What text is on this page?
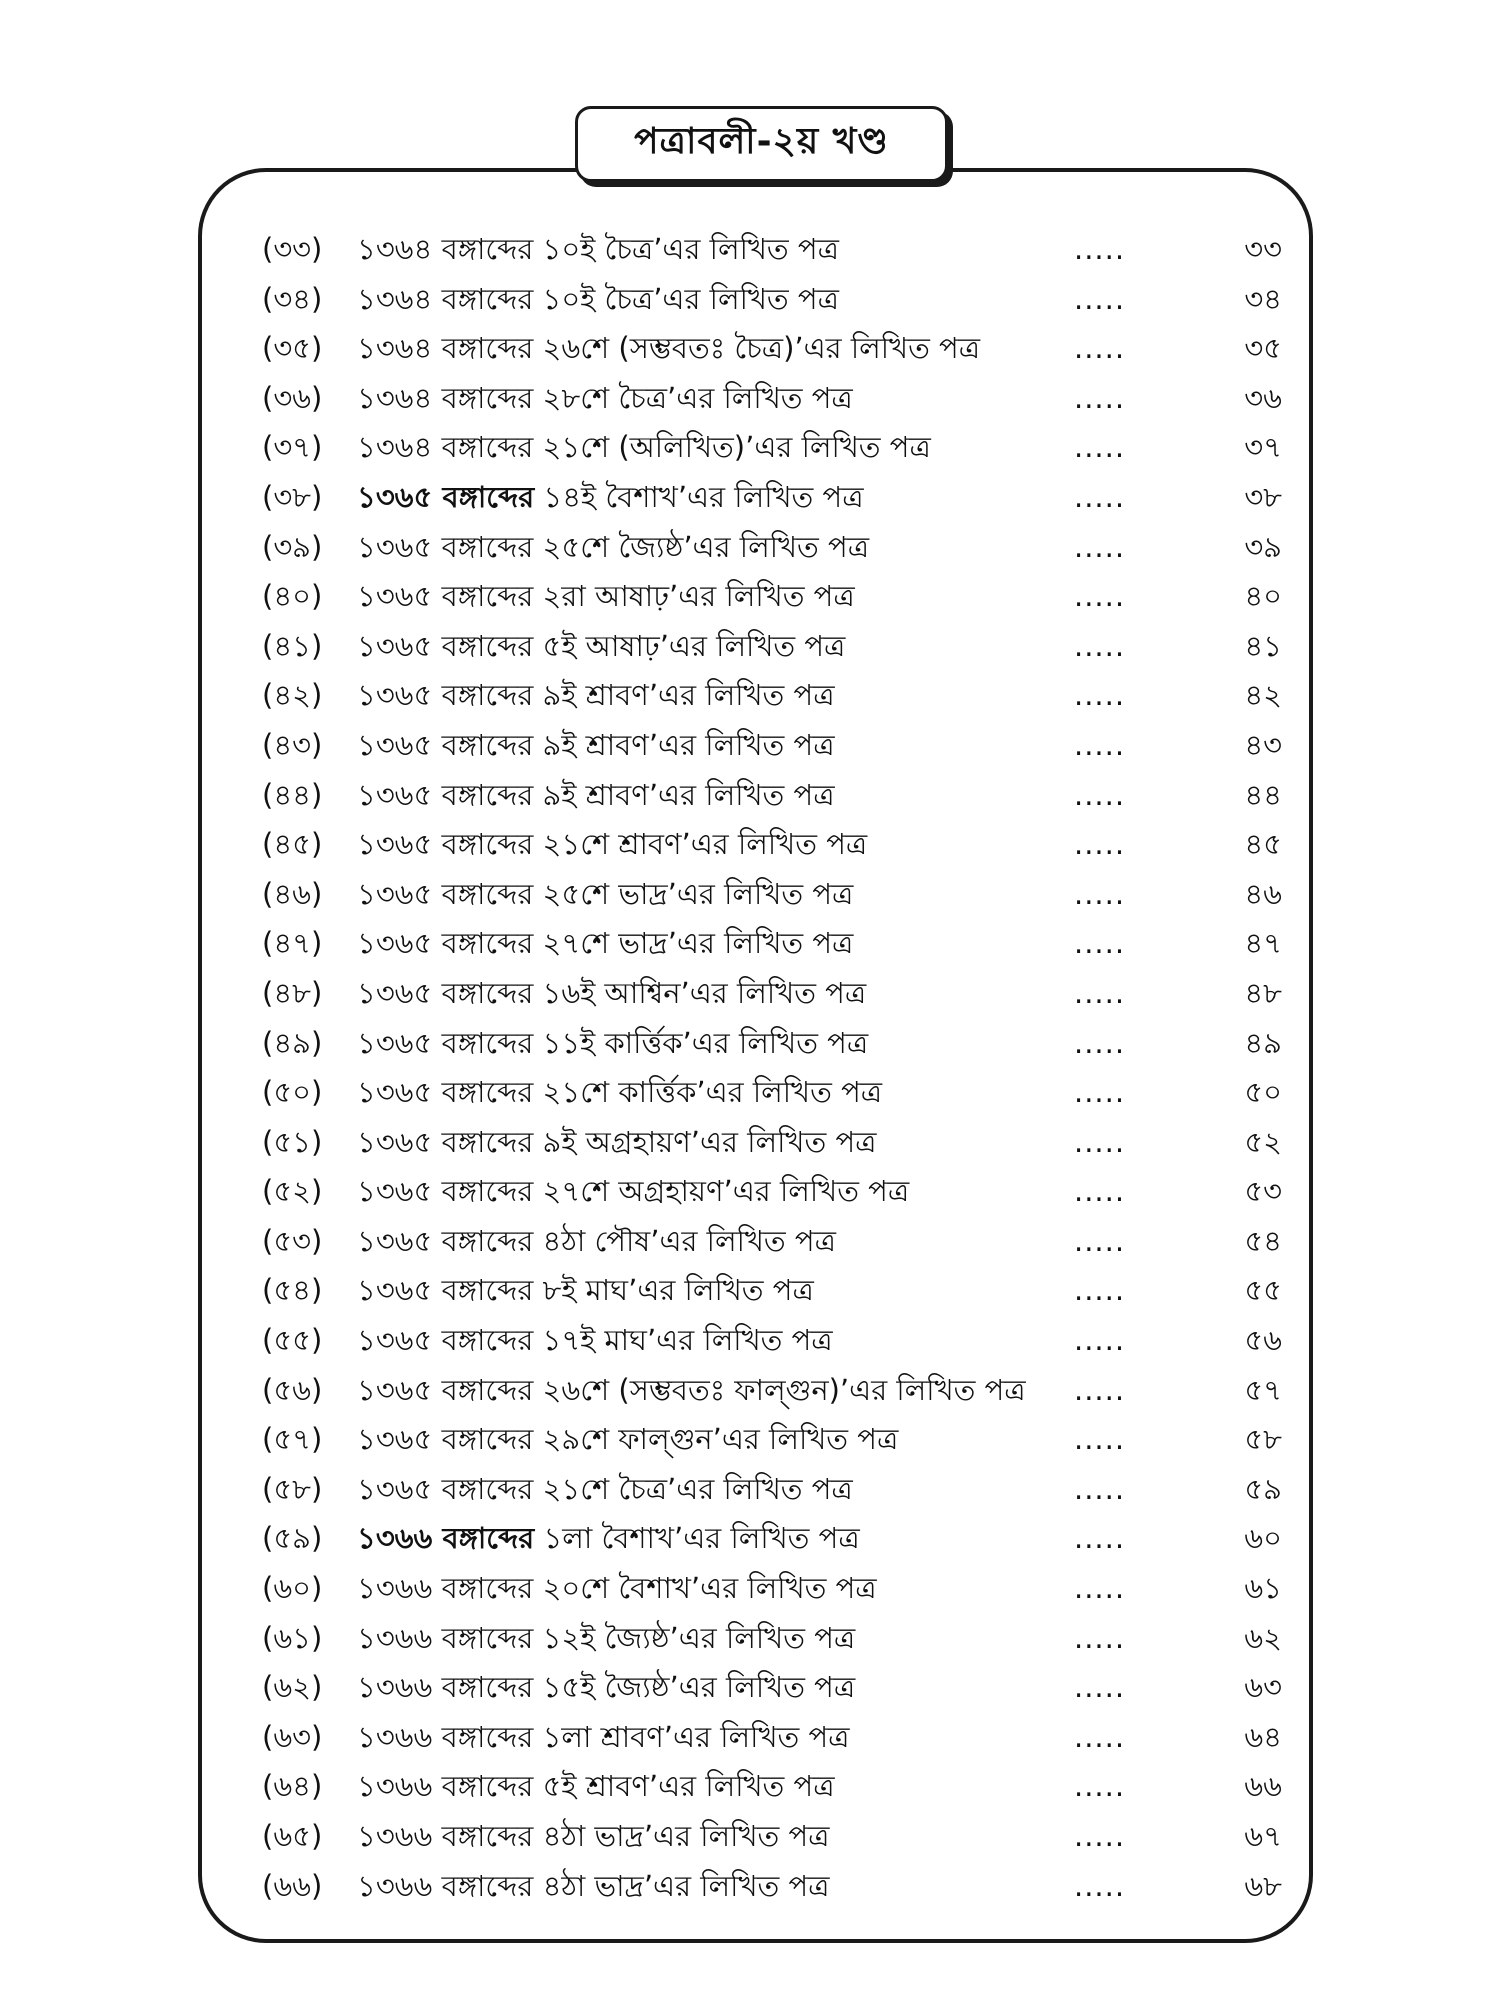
পত্রাবলী-২য় খণ্ড
(৩৩)	১৩৬৪ বঙ্গাব্দের ১০ই চৈত্র’এর লিখিত পত্র	.....	৩৩
(৩৪)	১৩৬৪ বঙ্গাব্দের ১০ই চৈত্র’এর লিখিত পত্র	.....	৩৪
(৩৫)	১৩৬৪ বঙ্গাব্দের ২৬শে (সম্ভবতঃ চৈত্র)’এর লিখিত পত্র	.....	৩৫
(৩৬)	১৩৬৪ বঙ্গাব্দের ২৮শে চৈত্র’এর লিখিত পত্র	.....	৩৬
(৩৭)	১৩৬৪ বঙ্গাব্দের ২১শে (অলিখিত)’এর লিখিত পত্র	.....	৩৭
(৩৮)	১৩৬৫ বঙ্গাব্দের ১৪ই বৈশাখ’এর লিখিত পত্র	.....	৩৮
(৩৯)	১৩৬৫ বঙ্গাব্দের ২৫শে জ্যৈষ্ঠ’এর লিখিত পত্র	.....	৩৯
(৪০)	১৩৬৫ বঙ্গাব্দের ২রা আষাঢ়’এর লিখিত পত্র	.....	৪০
(৪১)	১৩৬৫ বঙ্গাব্দের ৫ই আষাঢ়’এর লিখিত পত্র	.....	৪১
(৪২)	১৩৬৫ বঙ্গাব্দের ৯ই শ্রাবণ’এর লিখিত পত্র	.....	৪২
(৪৩)	১৩৬৫ বঙ্গাব্দের ৯ই শ্রাবণ’এর লিখিত পত্র	.....	৪৩
(৪৪)	১৩৬৫ বঙ্গাব্দের ৯ই শ্রাবণ’এর লিখিত পত্র	.....	৪৪
(৪৫)	১৩৬৫ বঙ্গাব্দের ২১শে শ্রাবণ’এর লিখিত পত্র	.....	৪৫
(৪৬)	১৩৬৫ বঙ্গাব্দের ২৫শে ভাদ্র’এর লিখিত পত্র	.....	৪৬
(৪৭)	১৩৬৫ বঙ্গাব্দের ২৭শে ভাদ্র’এর লিখিত পত্র	.....	৪৭
(৪৮)	১৩৬৫ বঙ্গাব্দের ১৬ই আশ্বিন’এর লিখিত পত্র	.....	৪৮
(৪৯)	১৩৬৫ বঙ্গাব্দের ১১ই কার্ত্তিক’এর লিখিত পত্র	.....	৪৯
(৫০)	১৩৬৫ বঙ্গাব্দের ২১শে কার্ত্তিক’এর লিখিত পত্র	.....	৫০
(৫১)	১৩৬৫ বঙ্গাব্দের ৯ই অগ্রহায়ণ’এর লিখিত পত্র	.....	৫২
(৫২)	১৩৬৫ বঙ্গাব্দের ২৭শে অগ্রহায়ণ’এর লিখিত পত্র	.....	৫৩
(৫৩)	১৩৬৫ বঙ্গাব্দের ৪ঠা পৌষ’এর লিখিত পত্র	.....	৫৪
(৫৪)	১৩৬৫ বঙ্গাব্দের ৮ই মাঘ’এর লিখিত পত্র	.....	৫৫
(৫৫)	১৩৬৫ বঙ্গাব্দের ১৭ই মাঘ’এর লিখিত পত্র	.....	৫৬
(৫৬)	১৩৬৫ বঙ্গাব্দের ২৬শে (সম্ভবতঃ ফাল্গুন)’এর লিখিত পত্র	.....	৫৭
(৫৭)	১৩৬৫ বঙ্গাব্দের ২৯শে ফাল্গুন’এর লিখিত পত্র	.....	৫৮
(৫৮)	১৩৬৫ বঙ্গাব্দের ২১শে চৈত্র’এর লিখিত পত্র	.....	৫৯
(৫৯)	১৩৬৬ বঙ্গাব্দের ১লা বৈশাখ’এর লিখিত পত্র	.....	৬০
(৬০)	১৩৬৬ বঙ্গাব্দের ২০শে বৈশাখ’এর লিখিত পত্র	.....	৬১
(৬১)	১৩৬৬ বঙ্গাব্দের ১২ই জ্যৈষ্ঠ’এর লিখিত পত্র	.....	৬২
(৬২)	১৩৬৬ বঙ্গাব্দের ১৫ই জ্যৈষ্ঠ’এর লিখিত পত্র	.....	৬৩
(৬৩)	১৩৬৬ বঙ্গাব্দের ১লা শ্রাবণ’এর লিখিত পত্র	.....	৬৪
(৬৪)	১৩৬৬ বঙ্গাব্দের ৫ই শ্রাবণ’এর লিখিত পত্র	.....	৬৬
(৬৫)	১৩৬৬ বঙ্গাব্দের ৪ঠা ভাদ্র’এর লিখিত পত্র	.....	৬৭
(৬৬)	১৩৬৬ বঙ্গাব্দের ৪ঠা ভাদ্র’এর লিখিত পত্র	.....	৬৮
